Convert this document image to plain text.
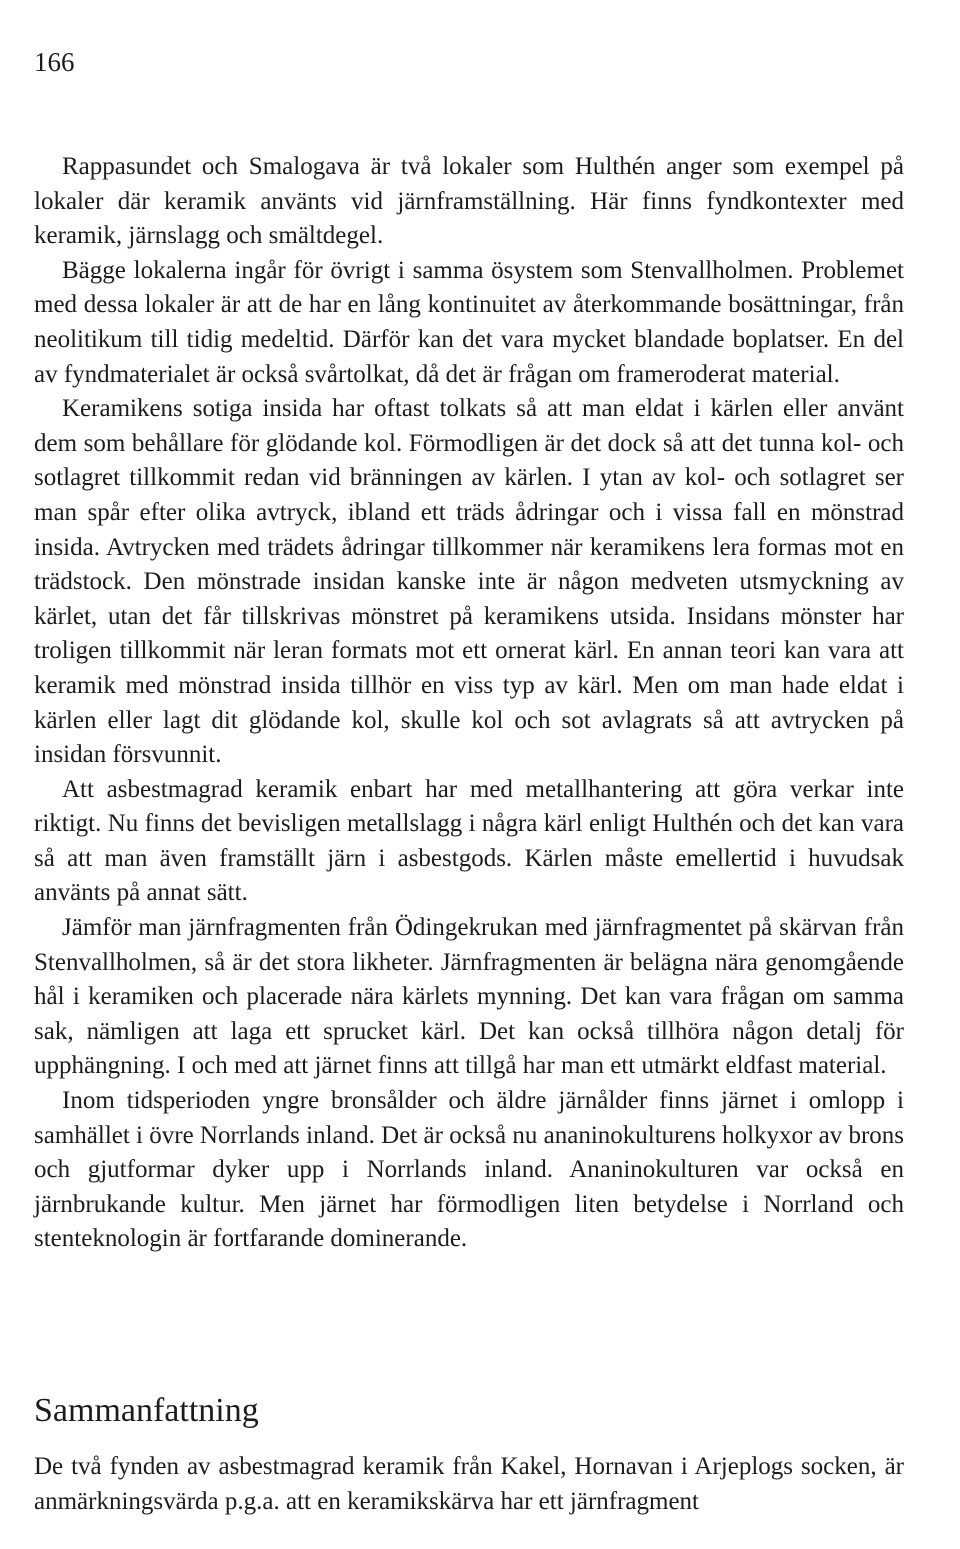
166

Rappasundet och Smalogava är två lokaler som Hulthén anger som exempel på lokaler där keramik använts vid järnframställning. Här finns fyndkontexter med keramik, järnslagg och smältdegel.

Bägge lokalerna ingår för övrigt i samma ösystem som Stenvallholmen. Problemet med dessa lokaler är att de har en lång kontinuitet av återkommande bosättningar, från neolitikum till tidig medeltid. Därför kan det vara mycket blandade boplatser. En del av fyndmaterialet är också svårtolkat, då det är frågan om frameroderat material.

Keramikens sotiga insida har oftast tolkats så att man eldat i kärlen eller använt dem som behållare för glödande kol. Förmodligen är det dock så att det tunna kol- och sotlagret tillkommit redan vid bränningen av kärlen. I ytan av kol- och sotlagret ser man spår efter olika avtryck, ibland ett träds ådringar och i vissa fall en mönstrad insida. Avtrycken med trädets ådringar tillkommer när keramikens lera formas mot en trädstock. Den mönstrade insidan kanske inte är någon medveten utsmyckning av kärlet, utan det får tillskrivas mönstret på keramikens utsida. Insidans mönster har troligen tillkommit när leran formats mot ett ornerat kärl. En annan teori kan vara att keramik med mönstrad insida tillhör en viss typ av kärl. Men om man hade eldat i kärlen eller lagt dit glödande kol, skulle kol och sot avlagrats så att avtrycken på insidan försvunnit.

Att asbestmagrad keramik enbart har med metallhantering att göra verkar inte riktigt. Nu finns det bevisligen metallslagg i några kärl enligt Hulthén och det kan vara så att man även framställt järn i asbestgods. Kärlen måste emellertid i huvudsak använts på annat sätt.

Jämför man järnfragmenten från Ödingekrukan med järnfragmentet på skärvan från Stenvallholmen, så är det stora likheter. Järnfragmenten är belägna nära genomgående hål i keramiken och placerade nära kärlets mynning. Det kan vara frågan om samma sak, nämligen att laga ett sprucket kärl. Det kan också tillhöra någon detalj för upphängning. I och med att järnet finns att tillgå har man ett utmärkt eldfast material.

Inom tidsperioden yngre bronsålder och äldre järnålder finns järnet i omlopp i samhället i övre Norrlands inland. Det är också nu ananinokulturens holkyxor av brons och gjutformar dyker upp i Norrlands inland. Ananinokulturen var också en järnbrukande kultur. Men järnet har förmodligen liten betydelse i Norrland och stenteknologin är fortfarande dominerande.

Sammanfattning

De två fynden av asbestmagrad keramik från Kakel, Hornavan i Arjeplogs socken, är anmärkningsvärda p.g.a. att en keramikskärva har ett järnfragment
